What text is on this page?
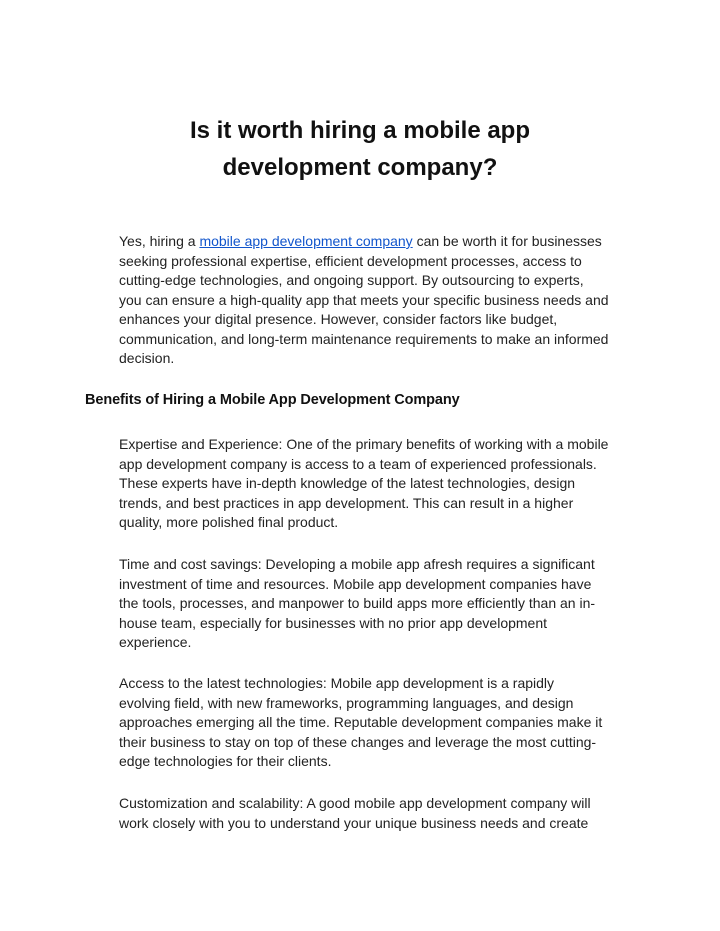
Is it worth hiring a mobile app development company?

Yes, hiring a mobile app development company can be worth it for businesses seeking professional expertise, efficient development processes, access to cutting-edge technologies, and ongoing support. By outsourcing to experts, you can ensure a high-quality app that meets your specific business needs and enhances your digital presence. However, consider factors like budget, communication, and long-term maintenance requirements to make an informed decision.

Benefits of Hiring a Mobile App Development Company

Expertise and Experience: One of the primary benefits of working with a mobile app development company is access to a team of experienced professionals. These experts have in-depth knowledge of the latest technologies, design trends, and best practices in app development. This can result in a higher quality, more polished final product.

Time and cost savings: Developing a mobile app afresh requires a significant investment of time and resources. Mobile app development companies have the tools, processes, and manpower to build apps more efficiently than an in-house team, especially for businesses with no prior app development experience.

Access to the latest technologies: Mobile app development is a rapidly evolving field, with new frameworks, programming languages, and design approaches emerging all the time. Reputable development companies make it their business to stay on top of these changes and leverage the most cutting-edge technologies for their clients.

Customization and scalability: A good mobile app development company will work closely with you to understand your unique business needs and create
